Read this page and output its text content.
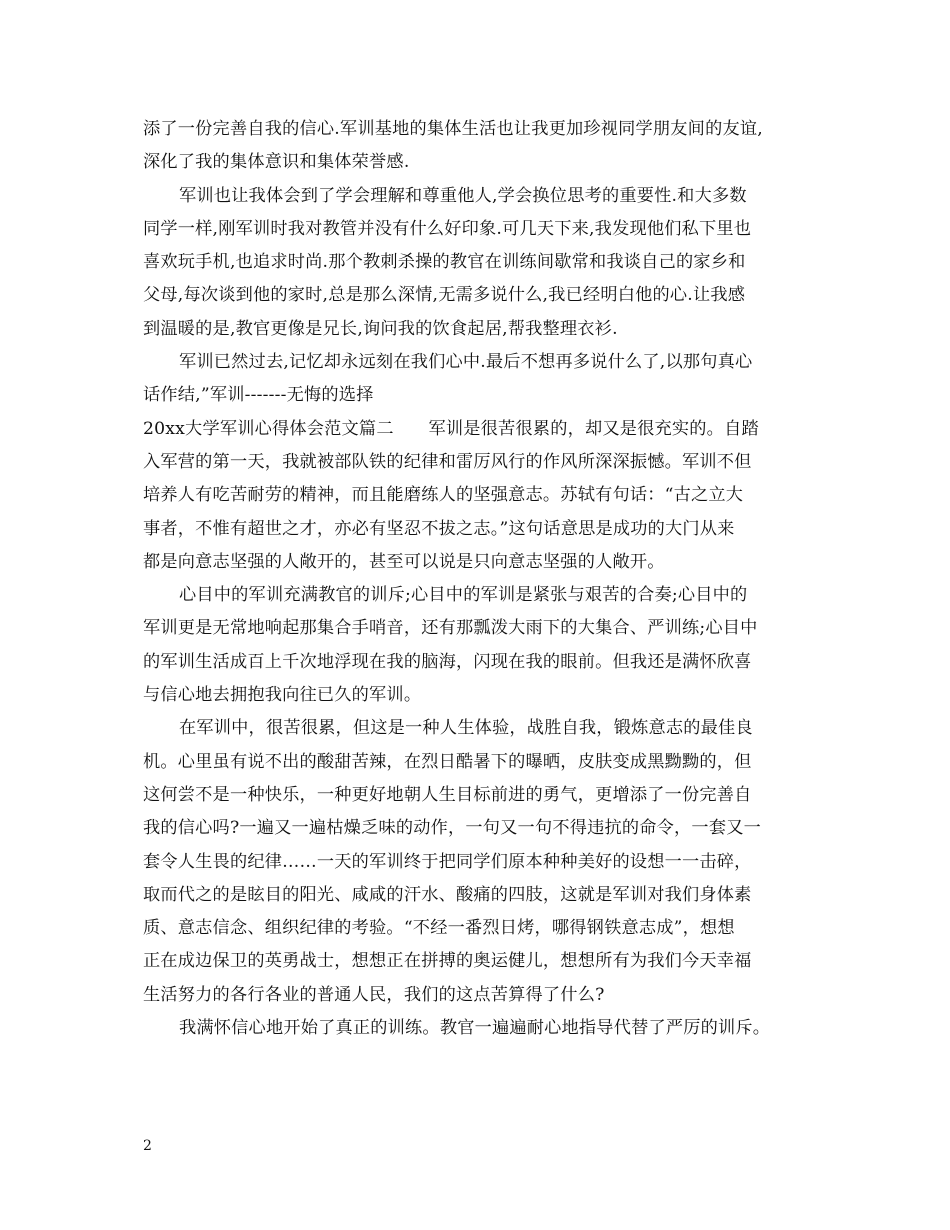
添了一份完善自我的信心.军训基地的集体生活也让我更加珍视同学朋友间的友谊,
深化了我的集体意识和集体荣誉感.
军训也让我体会到了学会理解和尊重他人,学会换位思考的重要性.和大多数
同学一样,刚军训时我对教管并没有什么好印象.可几天下来,我发现他们私下里也
喜欢玩手机,也追求时尚.那个教刺杀操的教官在训练间歇常和我谈自己的家乡和
父母,每次谈到他的家时,总是那么深情,无需多说什么,我已经明白他的心.让我感
到温暖的是,教官更像是兄长,询问我的饮食起居,帮我整理衣衫.
军训已然过去,记忆却永远刻在我们心中.最后不想再多说什么了,以那句真心
话作结,”军训-------无悔的选择
20xx大学军训心得体会范文篇二　　军训是很苦很累的，却又是很充实的。自踏
入军营的第一天，我就被部队铁的纪律和雷厉风行的作风所深深振憾。军训不但
培养人有吃苦耐劳的精神，而且能磨练人的坚强意志。苏轼有句话：“古之立大
事者，不惟有超世之才，亦必有坚忍不拔之志。”这句话意思是成功的大门从来
都是向意志坚强的人敞开的，甚至可以说是只向意志坚强的人敞开。
心目中的军训充满教官的训斥;心目中的军训是紧张与艰苦的合奏;心目中的
军训更是无常地响起那集合手哨音，还有那瓢泼大雨下的大集合、严训练;心目中
的军训生活成百上千次地浮现在我的脑海，闪现在我的眼前。但我还是满怀欣喜
与信心地去拥抱我向往已久的军训。
在军训中，很苦很累，但这是一种人生体验，战胜自我，锻炼意志的最佳良
机。心里虽有说不出的酸甜苦辣，在烈日酷暑下的曝晒，皮肤变成黑黝黝的，但
这何尝不是一种快乐，一种更好地朝人生目标前进的勇气，更增添了一份完善自
我的信心吗?一遍又一遍枯燥乏味的动作，一句又一句不得违抗的命令，一套又一
套令人生畏的纪律……一天的军训终于把同学们原本种种美好的设想一一击碎，
取而代之的是眩目的阳光、咸咸的汗水、酸痛的四肢，这就是军训对我们身体素
质、意志信念、组织纪律的考验。“不经一番烈日烤，哪得钢铁意志成”，想想
正在成边保卫的英勇战士，想想正在拼搏的奥运健儿，想想所有为我们今天幸福
生活努力的各行各业的普通人民，我们的这点苦算得了什么?
我满怀信心地开始了真正的训练。教官一遍遍耐心地指导代替了严厉的训斥。
2
